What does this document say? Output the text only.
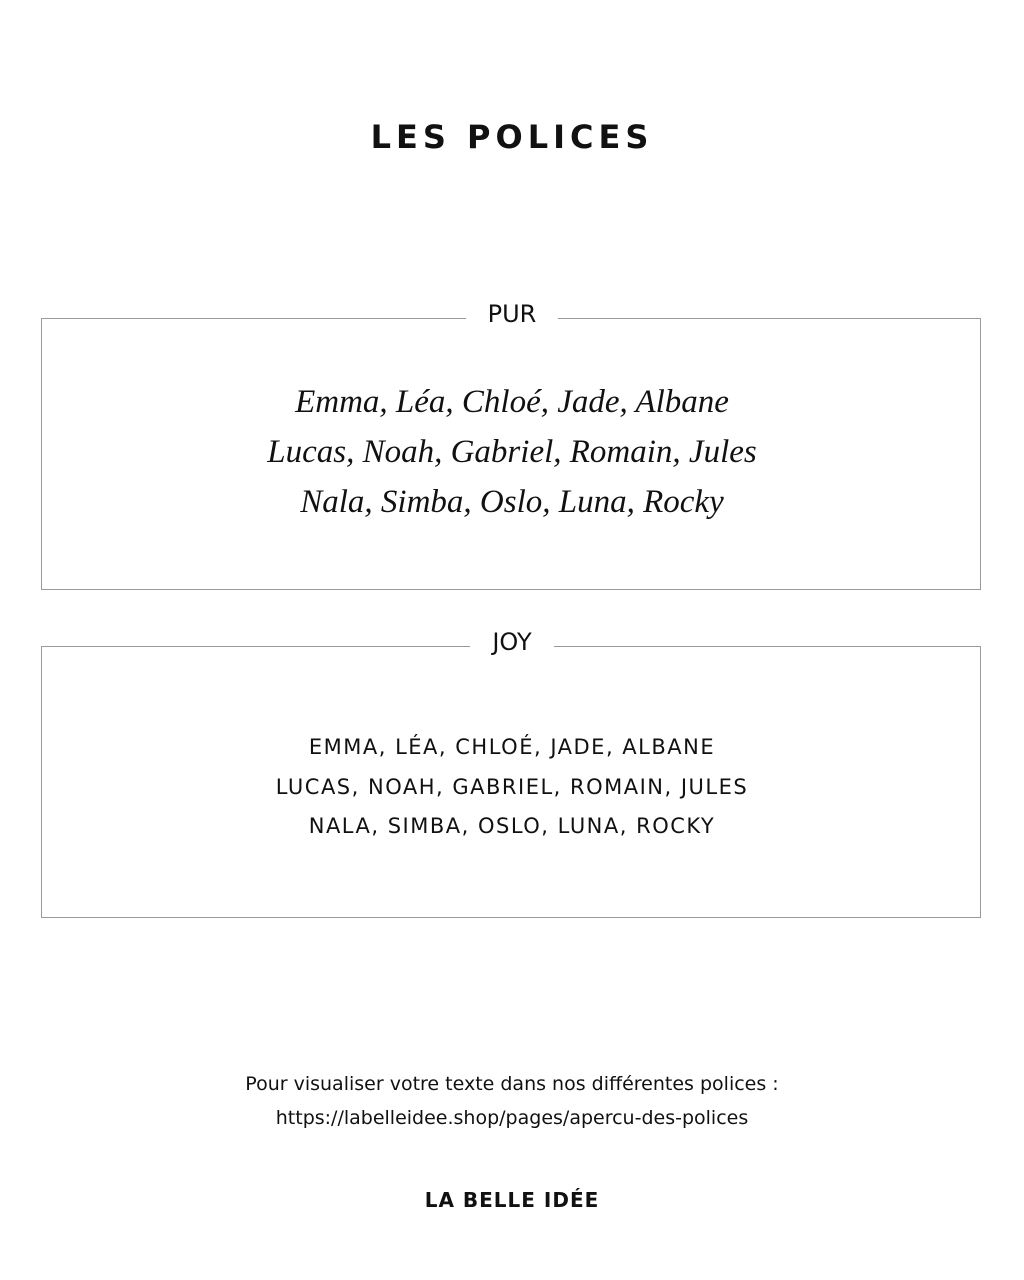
LES POLICES
PUR
Emma, Léa, Chloé, Jade, Albane
Lucas, Noah, Gabriel, Romain, Jules
Nala, Simba, Oslo, Luna, Rocky
JOY
EMMA, LÉA, CHLOÉ, JADE, ALBANE
LUCAS, NOAH, GABRIEL, ROMAIN, JULES
NALA, SIMBA, OSLO, LUNA, ROCKY
Pour visualiser votre texte dans nos différentes polices :
https://labelleidee.shop/pages/apercu-des-polices
LA BELLE IDÉE
